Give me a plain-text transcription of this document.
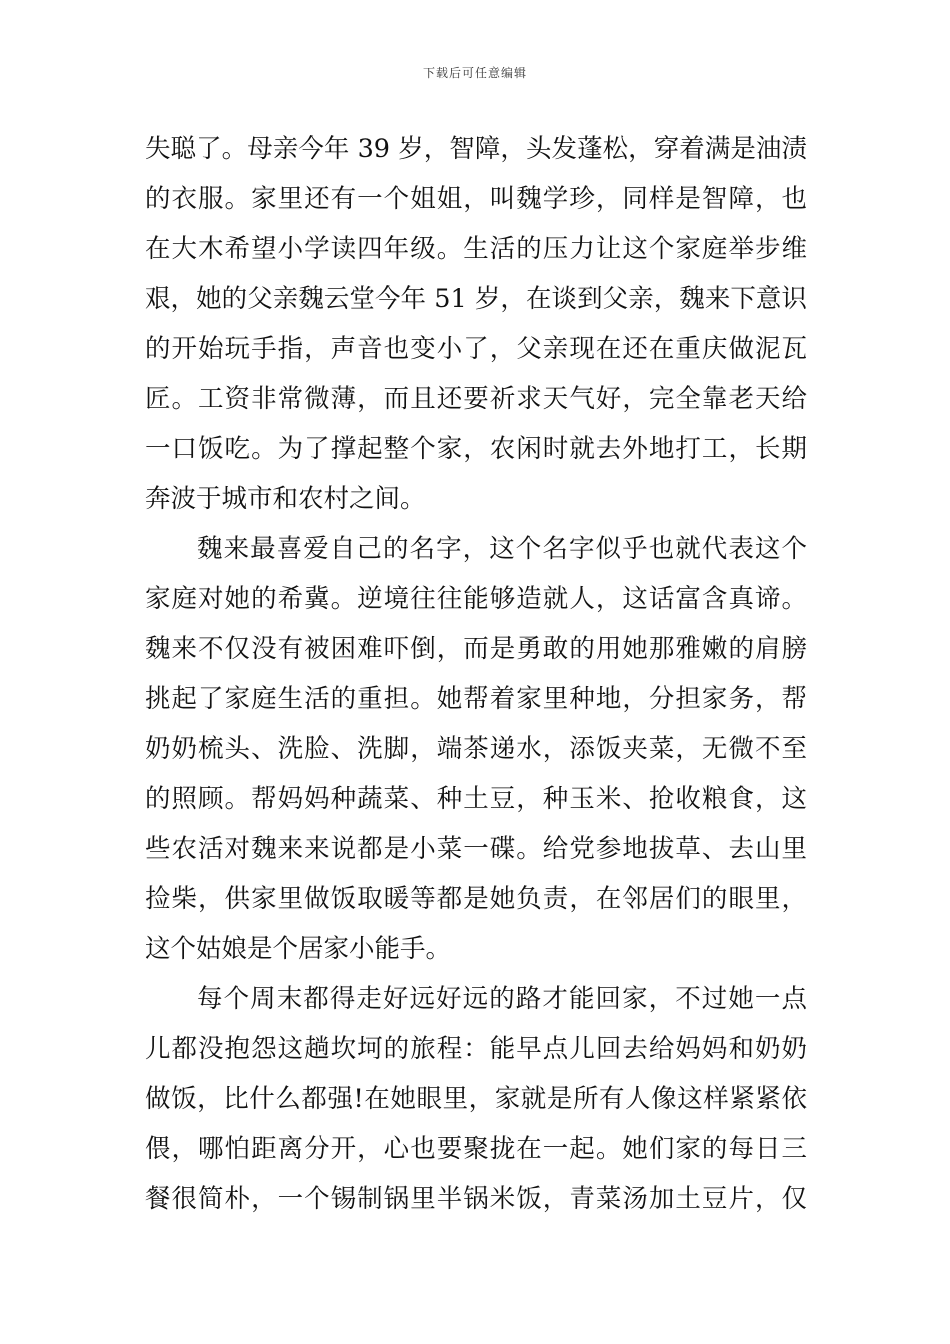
下载后可任意编辑
失聪了。母亲今年 39 岁，智障，头发蓬松，穿着满是油渍
的衣服。家里还有一个姐姐，叫魏学珍，同样是智障，也
在大木希望小学读四年级。生活的压力让这个家庭举步维
艰，她的父亲魏云堂今年 51 岁，在谈到父亲，魏来下意识
的开始玩手指，声音也变小了，父亲现在还在重庆做泥瓦
匠。工资非常微薄，而且还要祈求天气好，完全靠老天给
一口饭吃。为了撑起整个家，农闲时就去外地打工，长期
奔波于城市和农村之间。
魏来最喜爱自己的名字，这个名字似乎也就代表这个
家庭对她的希冀。逆境往往能够造就人，这话富含真谛。
魏来不仅没有被困难吓倒，而是勇敢的用她那雅嫩的肩膀
挑起了家庭生活的重担。她帮着家里种地，分担家务，帮
奶奶梳头、洗脸、洗脚，端茶递水，添饭夹菜，无微不至
的照顾。帮妈妈种蔬菜、种土豆，种玉米、抢收粮食，这
些农活对魏来来说都是小菜一碟。给党参地拔草、去山里
捡柴，供家里做饭取暖等都是她负责，在邻居们的眼里，
这个姑娘是个居家小能手。
每个周末都得走好远好远的路才能回家，不过她一点
儿都没抱怨这趟坎坷的旅程：能早点儿回去给妈妈和奶奶
做饭，比什么都强!在她眼里，家就是所有人像这样紧紧依
偎，哪怕距离分开，心也要聚拢在一起。她们家的每日三
餐很简朴，一个锡制锅里半锅米饭，青菜汤加土豆片，仅
